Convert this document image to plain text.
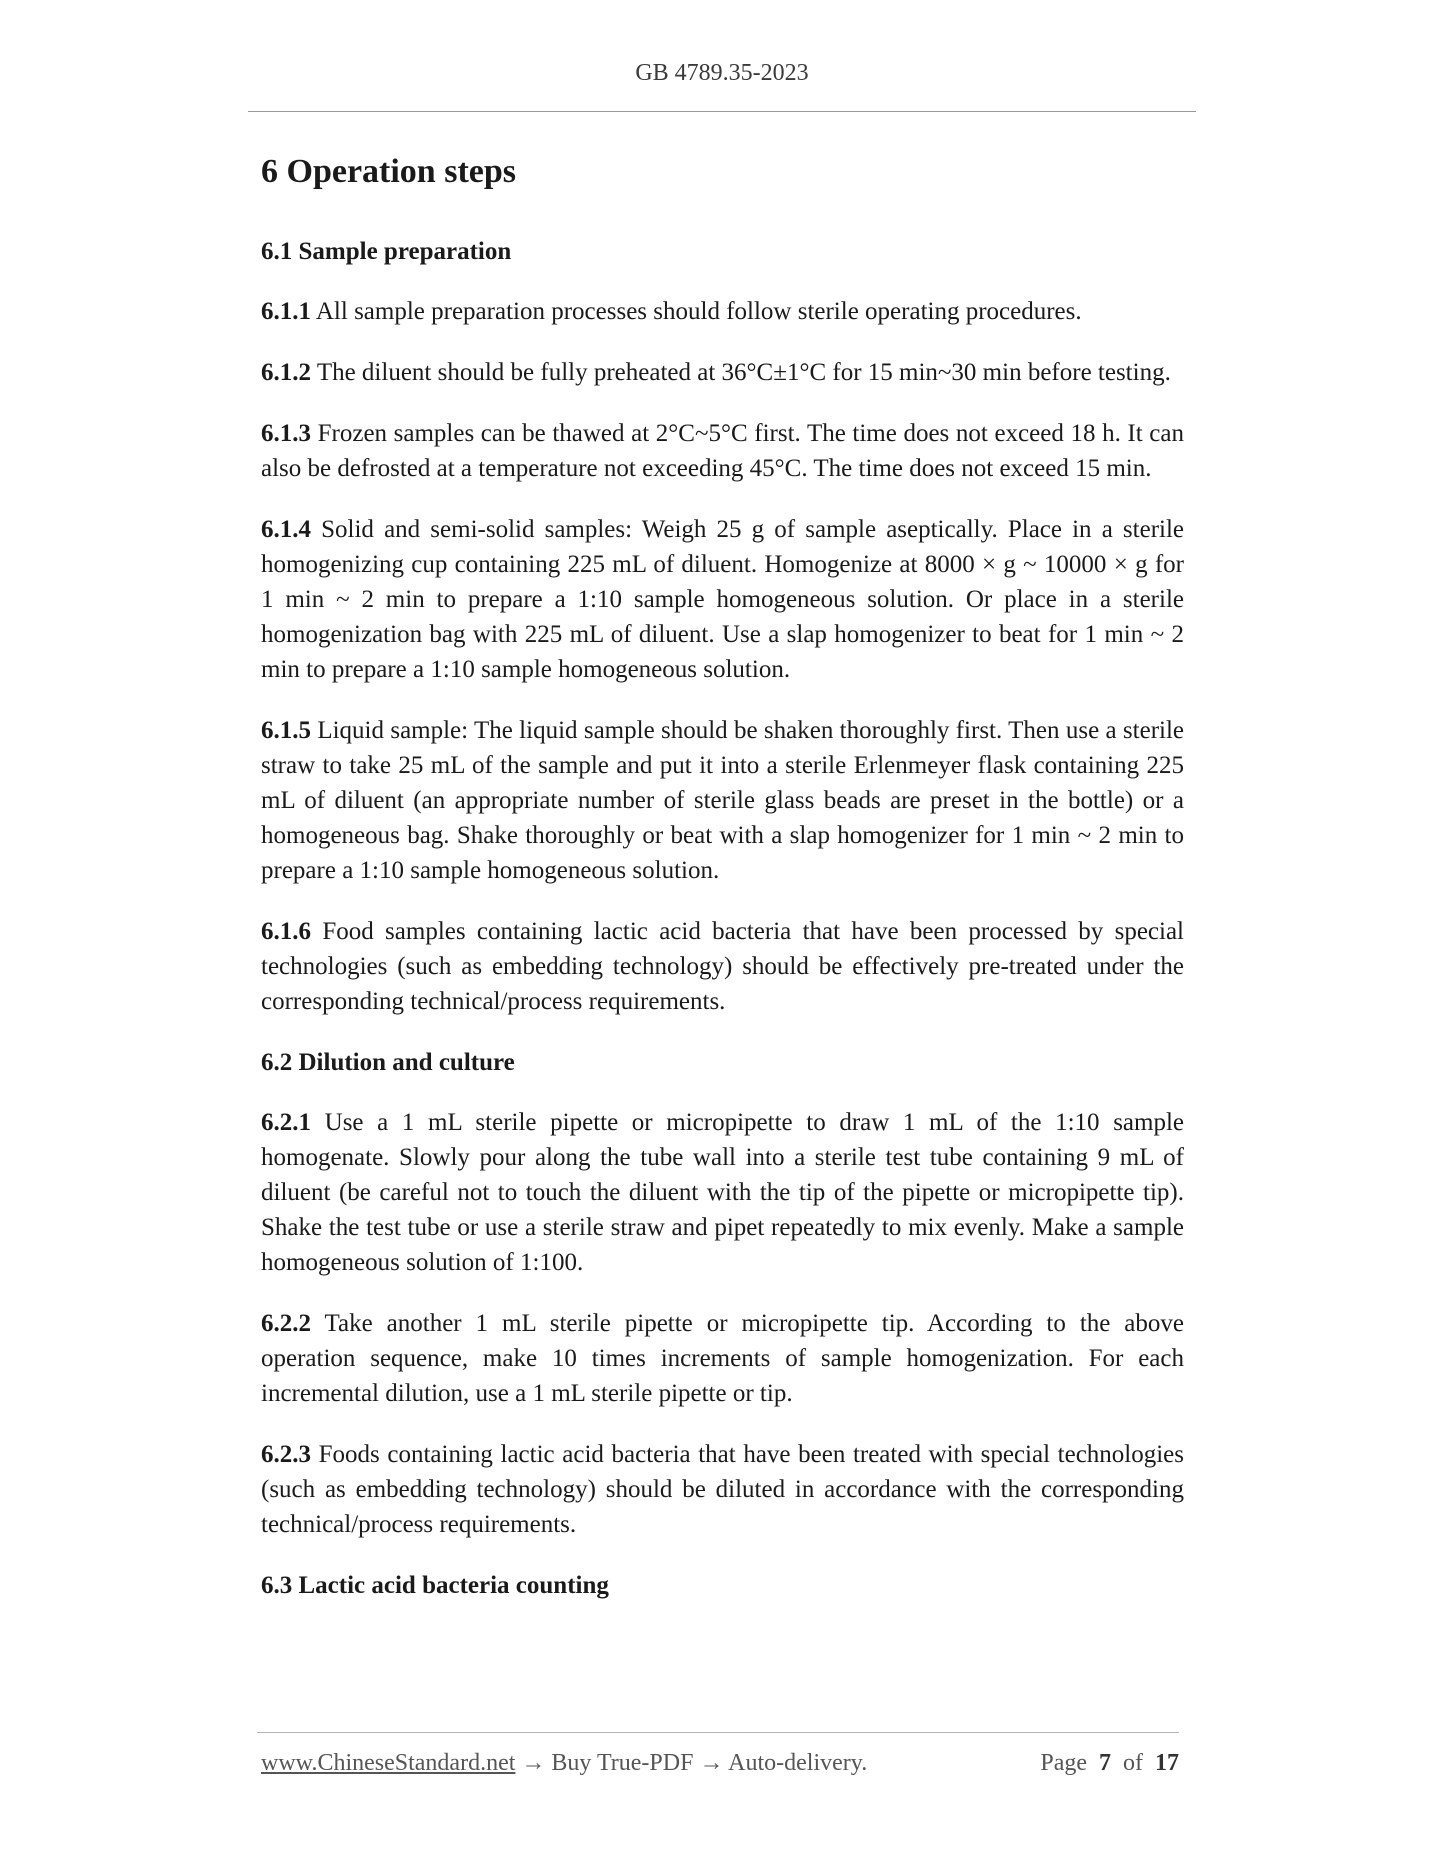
GB 4789.35-2023
6 Operation steps
6.1 Sample preparation

6.1.1 All sample preparation processes should follow sterile operating procedures.

6.1.2 The diluent should be fully preheated at 36°C±1°C for 15 min~30 min before testing.

6.1.3 Frozen samples can be thawed at 2°C~5°C first. The time does not exceed 18 h. It can also be defrosted at a temperature not exceeding 45°C. The time does not exceed 15 min.

6.1.4 Solid and semi-solid samples: Weigh 25 g of sample aseptically. Place in a sterile homogenizing cup containing 225 mL of diluent. Homogenize at 8000 × g ~ 10000 × g for 1 min ~ 2 min to prepare a 1:10 sample homogeneous solution. Or place in a sterile homogenization bag with 225 mL of diluent. Use a slap homogenizer to beat for 1 min ~ 2 min to prepare a 1:10 sample homogeneous solution.

6.1.5 Liquid sample: The liquid sample should be shaken thoroughly first. Then use a sterile straw to take 25 mL of the sample and put it into a sterile Erlenmeyer flask containing 225 mL of diluent (an appropriate number of sterile glass beads are preset in the bottle) or a homogeneous bag. Shake thoroughly or beat with a slap homogenizer for 1 min ~ 2 min to prepare a 1:10 sample homogeneous solution.

6.1.6 Food samples containing lactic acid bacteria that have been processed by special technologies (such as embedding technology) should be effectively pre-treated under the corresponding technical/process requirements.

6.2 Dilution and culture

6.2.1 Use a 1 mL sterile pipette or micropipette to draw 1 mL of the 1:10 sample homogenate. Slowly pour along the tube wall into a sterile test tube containing 9 mL of diluent (be careful not to touch the diluent with the tip of the pipette or micropipette tip). Shake the test tube or use a sterile straw and pipet repeatedly to mix evenly. Make a sample homogeneous solution of 1:100.

6.2.2 Take another 1 mL sterile pipette or micropipette tip. According to the above operation sequence, make 10 times increments of sample homogenization. For each incremental dilution, use a 1 mL sterile pipette or tip.

6.2.3 Foods containing lactic acid bacteria that have been treated with special technologies (such as embedding technology) should be diluted in accordance with the corresponding technical/process requirements.

6.3 Lactic acid bacteria counting
www.ChineseStandard.net → Buy True-PDF → Auto-delivery.	Page 7 of 17
